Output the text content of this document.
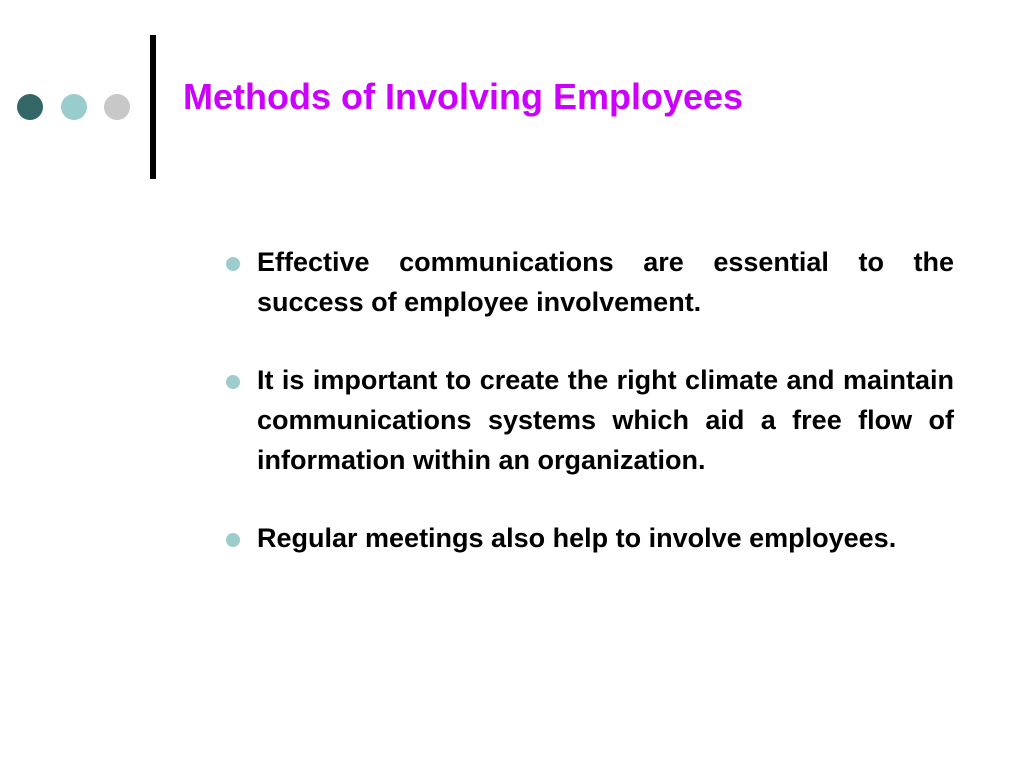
Methods of Involving Employees
Effective communications are essential to the success of employee involvement.
It is important to create the right climate and maintain communications systems which aid a free flow of information within an organization.
Regular meetings also help to involve employees.
